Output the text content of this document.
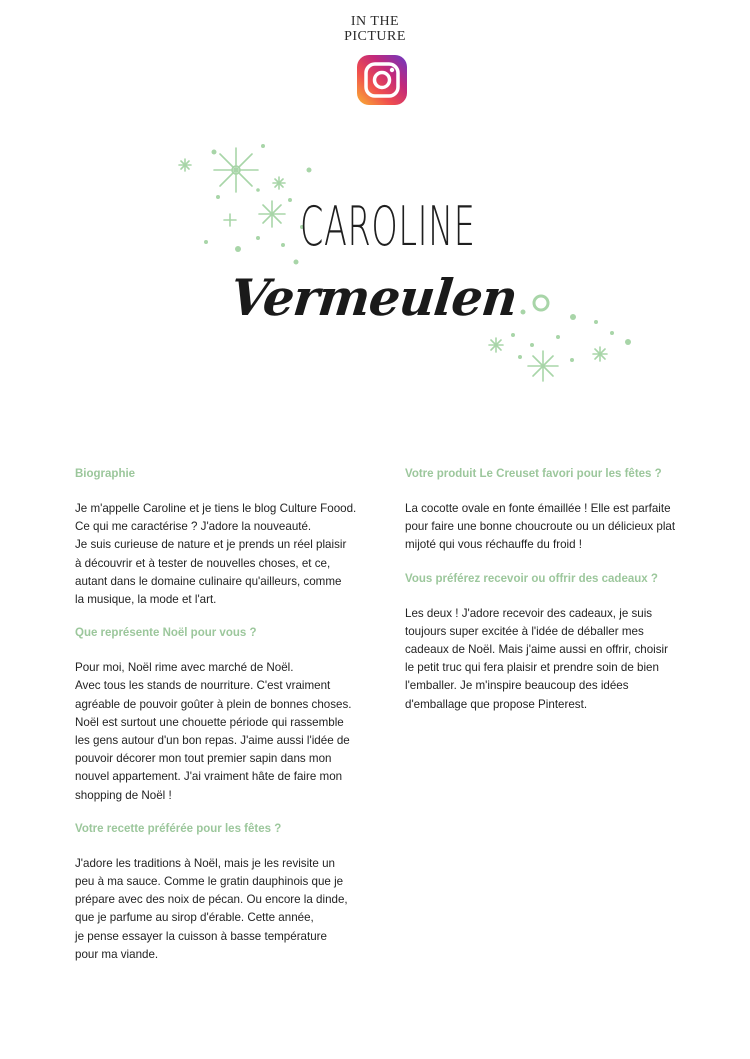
IN THE
PICTURE
CAROLINE
Vermeulen

Biographie

Je m'appelle Caroline et je tiens le blog Culture Foood.
Ce qui me caractérise ? J'adore la nouveauté.
Je suis curieuse de nature et je prends un réel plaisir
à découvrir et à tester de nouvelles choses, et ce,
autant dans le domaine culinaire qu'ailleurs, comme
la musique, la mode et l'art.

Que représente Noël pour vous ?

Pour moi, Noël rime avec marché de Noël.
Avec tous les stands de nourriture. C'est vraiment
agréable de pouvoir goûter à plein de bonnes choses.
Noël est surtout une chouette période qui rassemble
les gens autour d'un bon repas. J'aime aussi l'idée de
pouvoir décorer mon tout premier sapin dans mon
nouvel appartement. J'ai vraiment hâte de faire mon
shopping de Noël !

Votre recette préférée pour les fêtes ?

J'adore les traditions à Noël, mais je les revisite un
peu à ma sauce. Comme le gratin dauphinois que je
prépare avec des noix de pécan. Ou encore la dinde,
que je parfume au sirop d'érable. Cette année,
je pense essayer la cuisson à basse température
pour ma viande.

Votre produit Le Creuset favori pour les fêtes ?

La cocotte ovale en fonte émaillée ! Elle est parfaite
pour faire une bonne choucroute ou un délicieux plat
mijoté qui vous réchauffe du froid !

Vous préférez recevoir ou offrir des cadeaux ?

Les deux ! J'adore recevoir des cadeaux, je suis
toujours super excitée à l'idée de déballer mes
cadeaux de Noël. Mais j'aime aussi en offrir, choisir
le petit truc qui fera plaisir et prendre soin de bien
l'emballer. Je m'inspire beaucoup des idées
d'emballage que propose Pinterest.
